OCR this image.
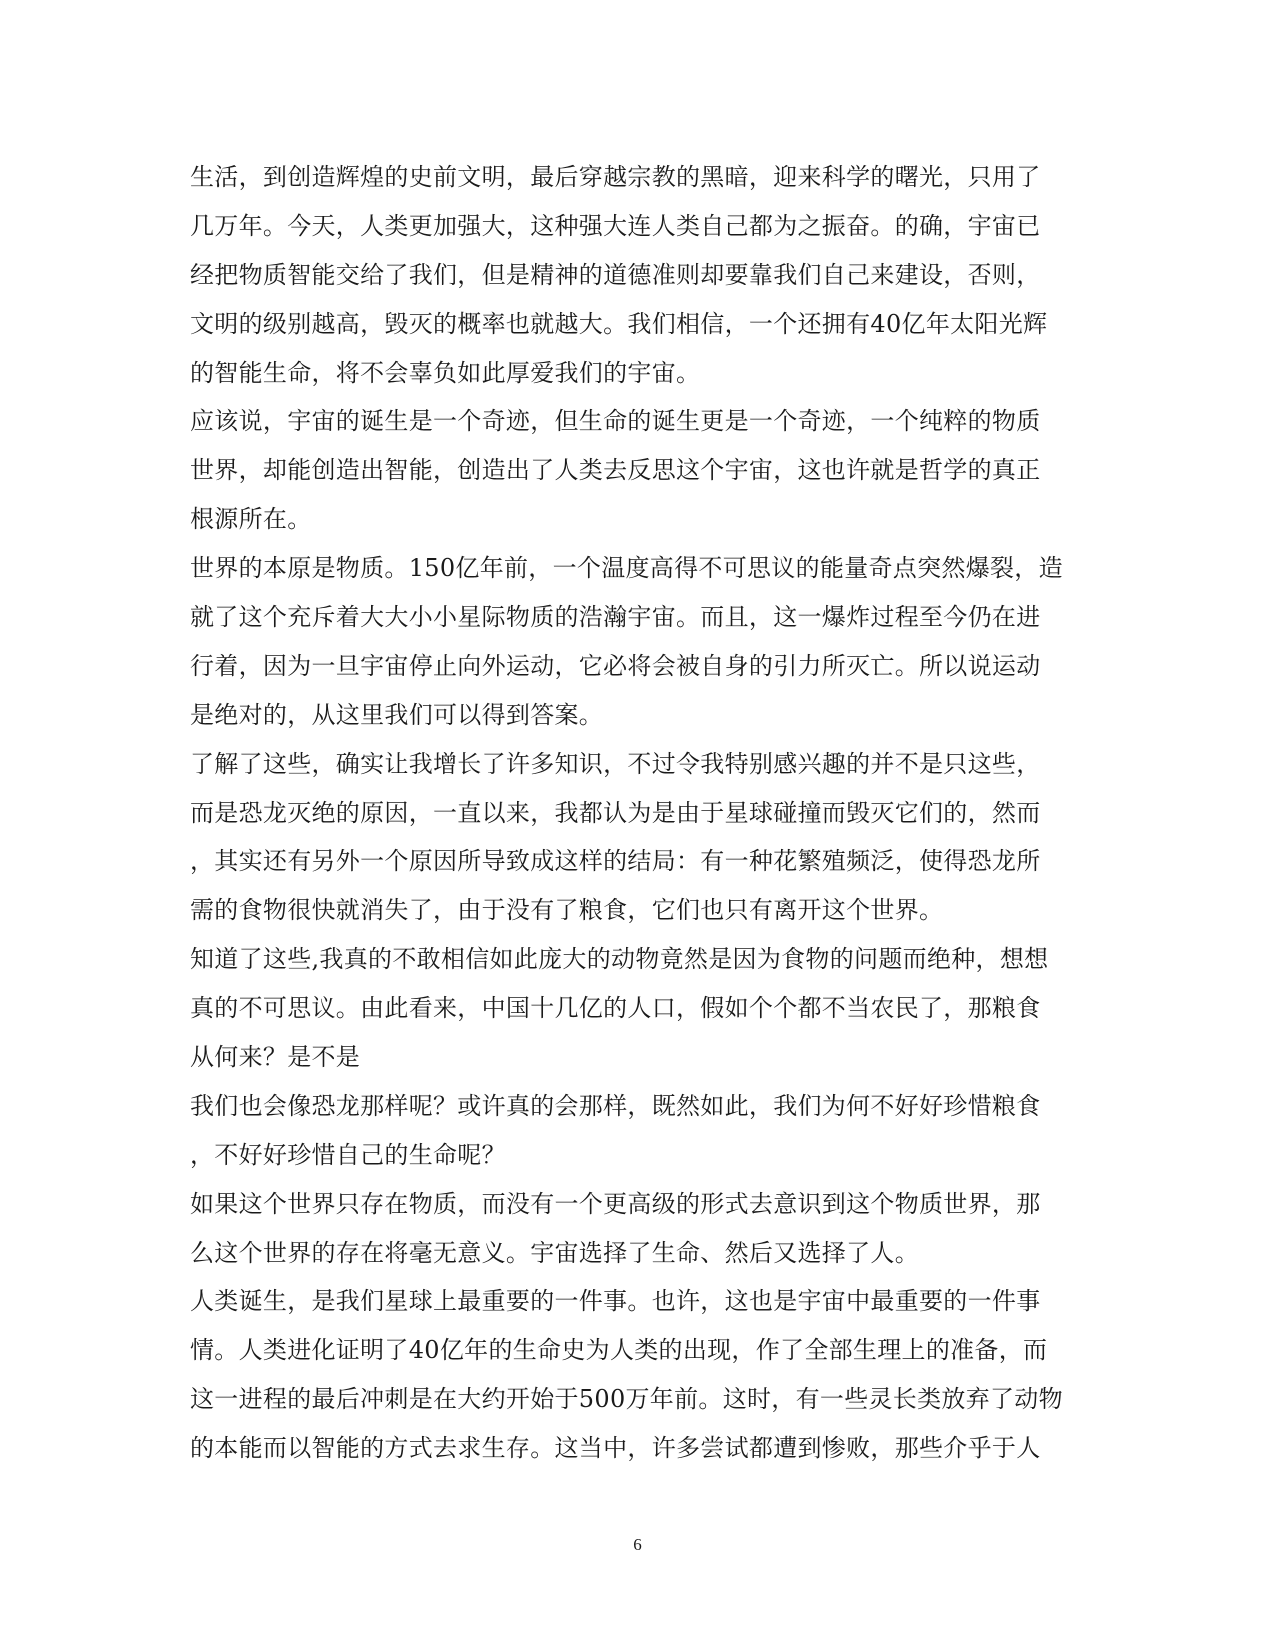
生活，到创造辉煌的史前文明，最后穿越宗教的黑暗，迎来科学的曙光，只用了
几万年。今天，人类更加强大，这种强大连人类自己都为之振奋。的确，宇宙已
经把物质智能交给了我们，但是精神的道德准则却要靠我们自己来建设，否则，
文明的级别越高，毁灭的概率也就越大。我们相信，一个还拥有40亿年太阳光辉
的智能生命，将不会辜负如此厚爱我们的宇宙。
应该说，宇宙的诞生是一个奇迹，但生命的诞生更是一个奇迹，一个纯粹的物质
世界，却能创造出智能，创造出了人类去反思这个宇宙，这也许就是哲学的真正
根源所在。
世界的本原是物质。150亿年前，一个温度高得不可思议的能量奇点突然爆裂，造
就了这个充斥着大大小小星际物质的浩瀚宇宙。而且，这一爆炸过程至今仍在进
行着，因为一旦宇宙停止向外运动，它必将会被自身的引力所灭亡。所以说运动
是绝对的，从这里我们可以得到答案。
了解了这些，确实让我增长了许多知识，不过令我特别感兴趣的并不是只这些，
而是恐龙灭绝的原因，一直以来，我都认为是由于星球碰撞而毁灭它们的，然而
，其实还有另外一个原因所导致成这样的结局：有一种花繁殖频泛，使得恐龙所
需的食物很快就消失了，由于没有了粮食，它们也只有离开这个世界。
知道了这些,我真的不敢相信如此庞大的动物竟然是因为食物的问题而绝种，想想
真的不可思议。由此看来，中国十几亿的人口，假如个个都不当农民了，那粮食
从何来？是不是
我们也会像恐龙那样呢？或许真的会那样，既然如此，我们为何不好好珍惜粮食
，不好好珍惜自己的生命呢？
如果这个世界只存在物质，而没有一个更高级的形式去意识到这个物质世界，那
么这个世界的存在将毫无意义。宇宙选择了生命、然后又选择了人。
人类诞生，是我们星球上最重要的一件事。也许，这也是宇宙中最重要的一件事
情。人类进化证明了40亿年的生命史为人类的出现，作了全部生理上的准备，而
这一进程的最后冲刺是在大约开始于500万年前。这时，有一些灵长类放弃了动物
的本能而以智能的方式去求生存。这当中，许多尝试都遭到惨败，那些介乎于人
6
